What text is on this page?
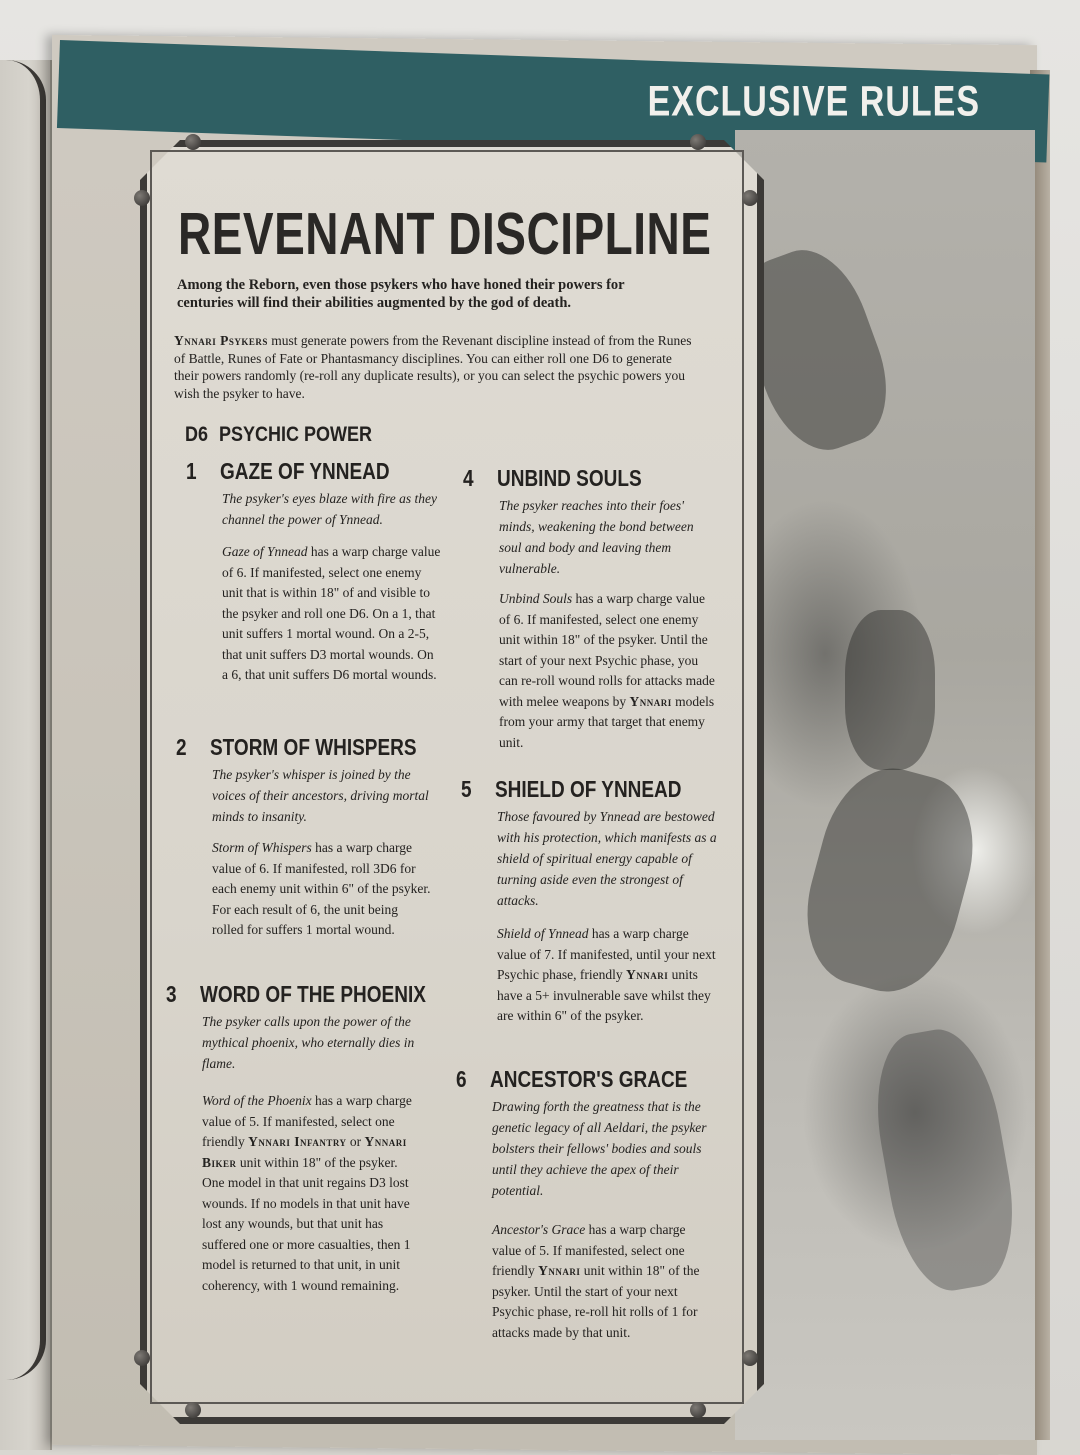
EXCLUSIVE RULES
REVENANT DISCIPLINE
Among the Reborn, even those psykers who have honed their powers for centuries will find their abilities augmented by the god of death.
Ynnari Psykers must generate powers from the Revenant discipline instead of from the Runes of Battle, Runes of Fate or Phantasmancy disciplines. You can either roll one D6 to generate their powers randomly (re-roll any duplicate results), or you can select the psychic powers you wish the psyker to have.
D6 PSYCHIC POWER
1	GAZE OF YNNEAD
The psyker's eyes blaze with fire as they channel the power of Ynnead.
Gaze of Ynnead has a warp charge value of 6. If manifested, select one enemy unit that is within 18" of and visible to the psyker and roll one D6. On a 1, that unit suffers 1 mortal wound. On a 2-5, that unit suffers D3 mortal wounds. On a 6, that unit suffers D6 mortal wounds.
2	STORM OF WHISPERS
The psyker's whisper is joined by the voices of their ancestors, driving mortal minds to insanity.
Storm of Whispers has a warp charge value of 6. If manifested, roll 3D6 for each enemy unit within 6" of the psyker. For each result of 6, the unit being rolled for suffers 1 mortal wound.
3	WORD OF THE PHOENIX
The psyker calls upon the power of the mythical phoenix, who eternally dies in flame.
Word of the Phoenix has a warp charge value of 5. If manifested, select one friendly Ynnari Infantry or Ynnari Biker unit within 18" of the psyker. One model in that unit regains D3 lost wounds. If no models in that unit have lost any wounds, but that unit has suffered one or more casualties, then 1 model is returned to that unit, in unit coherency, with 1 wound remaining.
4	UNBIND SOULS
The psyker reaches into their foes' minds, weakening the bond between soul and body and leaving them vulnerable.
Unbind Souls has a warp charge value of 6. If manifested, select one enemy unit within 18" of the psyker. Until the start of your next Psychic phase, you can re-roll wound rolls for attacks made with melee weapons by Ynnari models from your army that target that enemy unit.
5	SHIELD OF YNNEAD
Those favoured by Ynnead are bestowed with his protection, which manifests as a shield of spiritual energy capable of turning aside even the strongest of attacks.
Shield of Ynnead has a warp charge value of 7. If manifested, until your next Psychic phase, friendly Ynnari units have a 5+ invulnerable save whilst they are within 6" of the psyker.
6	ANCESTOR'S GRACE
Drawing forth the greatness that is the genetic legacy of all Aeldari, the psyker bolsters their fellows' bodies and souls until they achieve the apex of their potential.
Ancestor's Grace has a warp charge value of 5. If manifested, select one friendly Ynnari unit within 18" of the psyker. Until the start of your next Psychic phase, re-roll hit rolls of 1 for attacks made by that unit.
